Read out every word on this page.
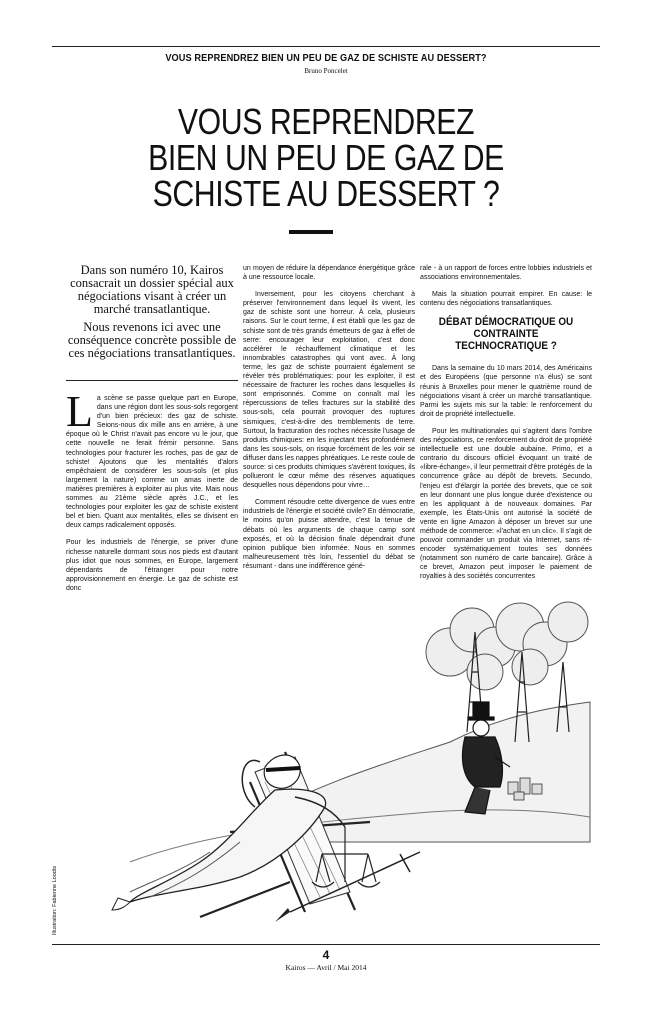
VOUS REPRENDREZ BIEN UN PEU DE GAZ DE SCHISTE AU DESSERT?
Bruno Poncelet
VOUS REPRENDREZ
BIEN UN PEU DE GAZ DE
SCHISTE AU DESSERT ?

Dans son numéro 10, Kairos consacrait un dossier spécial aux négociations visant à créer un marché transatlantique.

Nous revenons ici avec une conséquence concrète possible de ces négociations transatlantiques.

La scène se passe quelque part en Europe, dans une région dont les sous-sols regorgent d'un bien précieux: des gaz de schiste. Seions-nous dix mille ans en arrière, à une époque où le Christ n'avait pas encore vu le jour, que cette nouvelle ne ferait frémir personne. Sans technologies pour fracturer les roches, pas de gaz de schiste! Ajoutons que les mentalités d'alors empêchaient de considérer les sous-sols (et plus largement la nature) comme un amas inerte de matières premières à exploiter au plus vite. Mais nous sommes au 21ème siècle après J.C., et les technologies pour exploiter les gaz de schiste existent bel et bien. Quant aux mentalités, elles se divisent en deux camps radicalement opposés.

Pour les industriels de l'énergie, se priver d'une richesse naturelle dormant sous nos pieds est d'autant plus idiot que nous sommes, en Europe, largement dépendants de l'étranger pour notre approvisionnement en énergie. Le gaz de schiste est donc

un moyen de réduire la dépendance énergétique grâce à une ressource locale.

Inversement, pour les citoyens cherchant à préserver l'environnement dans lequel ils vivent, les gaz de schiste sont une horreur. À cela, plusieurs raisons. Sur le court terme, il est établi que les gaz de schiste sont de très grands émetteurs de gaz à effet de serre: encourager leur exploitation, c'est donc accélérer le réchauffement climatique et les innombrables catastrophes qui vont avec. À long terme, les gaz de schiste pourraient également se révéler très problématiques: pour les exploiter, il est nécessaire de fracturer les roches dans lesquelles ils sont emprisonnés. Comme on connaît mal les répercussions de telles fractures sur la stabilité des sous-sols, cela pourrait provoquer des ruptures sismiques, c'est-à-dire des tremblements de terre. Surtout, la fracturation des roches nécessite l'usage de produits chimiques: en les injectant très profondément dans les sous-sols, on risque forcément de les voir se diffuser dans les nappes phréatiques. Le reste coule de source: si ces produits chimiques s'avèrent toxiques, ils pollueront le cœur même des réserves aquatiques desquelles nous dépendons pour vivre…

Comment résoudre cette divergence de vues entre industriels de l'énergie et société civile? En démocratie, le moins qu'on puisse attendre, c'est la tenue de débats où les arguments de chaque camp sont exposés, et où la décision finale dépendrait d'une opinion publique bien informée. Nous en sommes malheureusement très loin, l'essentiel du débat se résumant - dans une indifférence géné-

rale - à un rapport de forces entre lobbies industriels et associations environnementales.

Mais la situation pourrait empirer. En cause: le contenu des négociations transatlantiques.

DÉBAT DÉMOCRATIQUE OU
CONTRAINTE TECHNOCRATIQUE ?

Dans la semaine du 10 mars 2014, des Américains et des Européens (que personne n'a élus) se sont réunis à Bruxelles pour mener le quatrième round de négociations visant à créer un marché transatlantique. Parmi les sujets mis sur la table: le renforcement du droit de propriété intellectuelle.

Pour les multinationales qui s'agitent dans l'ombre des négociations, ce renforcement du droit de propriété intellectuelle est une double aubaine. Primo, et a contrario du discours officiel évoquant un traité de «libre-échange», il leur permettrait d'être protégés de la concurrence grâce au dépôt de brevets. Secundo, l'enjeu est d'élargir la portée des brevets, que ce soit en leur donnant une plus longue durée d'existence ou en les appliquant à de nouveaux domaines. Par exemple, les États-Unis ont autorisé la société de vente en ligne Amazon à déposer un brevet sur une méthode de commerce: «l'achat en un clic». Il s'agit de pouvoir commander un produit via Internet, sans ré-encoder systématiquement toutes ses données (notamment son numéro de carte bancaire). Grâce à ce brevet, Amazon peut imposer le paiement de royalties à des sociétés concurrentes

Illustration: Fabienne Loodts
4
Kairos — Avril / Mai 2014
